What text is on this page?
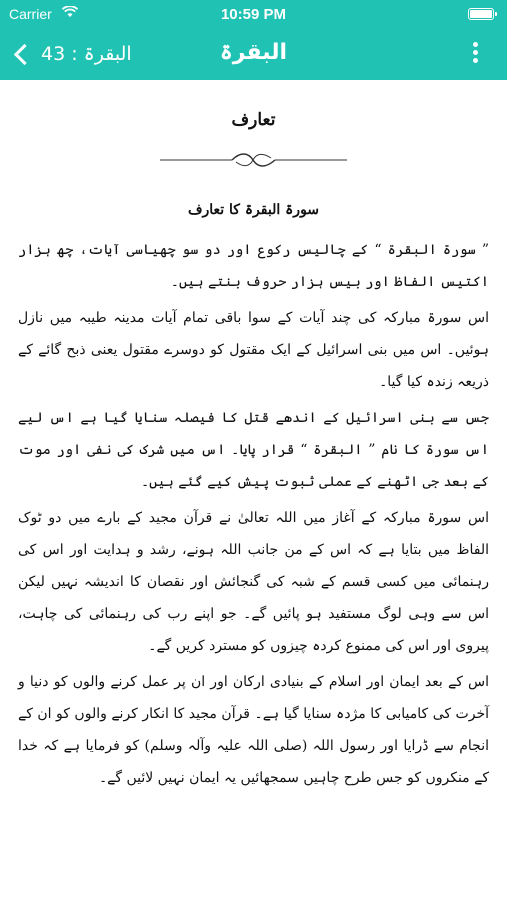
Carrier	10:59 PM
البقرۃ : 43	البقرۃ
تعارف
سورۃ البقرۃ کا تعارف

” سورۃ البقرۃ “ کے چالیس رکوع اور دو سو چھیاسی آیات، چھ ہزار اکتیس الفاظ اور بیس ہزار حروف بنتے ہیں۔

اس سورۃ مبارکہ کی چند آیات کے سوا باقی تمام آیات مدینہ طیبہ میں نازل ہوئیں۔ اس میں بنی اسرائیل کے ایک مقتول کو دوسرے مقتول یعنی ذبح گائے کے ذریعہ زندہ کیا گیا۔

جس سے بنی اسرائیل کے اندھے قتل کا فیصلہ سنایا گیا ہے اس لیے اس سورۃ کا نام ” البقرۃ “ قرار پایا۔ اس میں شرک کی نفی اور موت کے بعد جی اٹھنے کے عملی ثبوت پیش کیے گئے ہیں۔

اس سورۃ مبارکہ کے آغاز میں اللہ تعالیٰ نے قرآن مجید کے بارے میں دو ٹوک الفاظ میں بتایا ہے کہ اس کے من جانب اللہ ہونے، رشد و ہدایت اور اس کی رہنمائی میں کسی قسم کے شبہ کی گنجائش اور نقصان کا اندیشہ نہیں لیکن اس سے وہی لوگ مستفید ہو پائیں گے۔ جو اپنے رب کی رہنمائی کی چاہت، پیروی اور اس کی ممنوع کردہ چیزوں کو مسترد کریں گے۔

اس کے بعد ایمان اور اسلام کے بنیادی ارکان اور ان پر عمل کرنے والوں کو دنیا و آخرت کی کامیابی کا مژدہ سنایا گیا ہے۔ قرآن مجید کا انکار کرنے والوں کو ان کے انجام سے ڈرایا اور رسول اللہ (صلی اللہ علیہ وآلہ وسلم) کو فرمایا ہے کہ خدا کے منکروں کو جس طرح چاہیں سمجھائیں یہ ایمان نہیں لائیں گے۔
